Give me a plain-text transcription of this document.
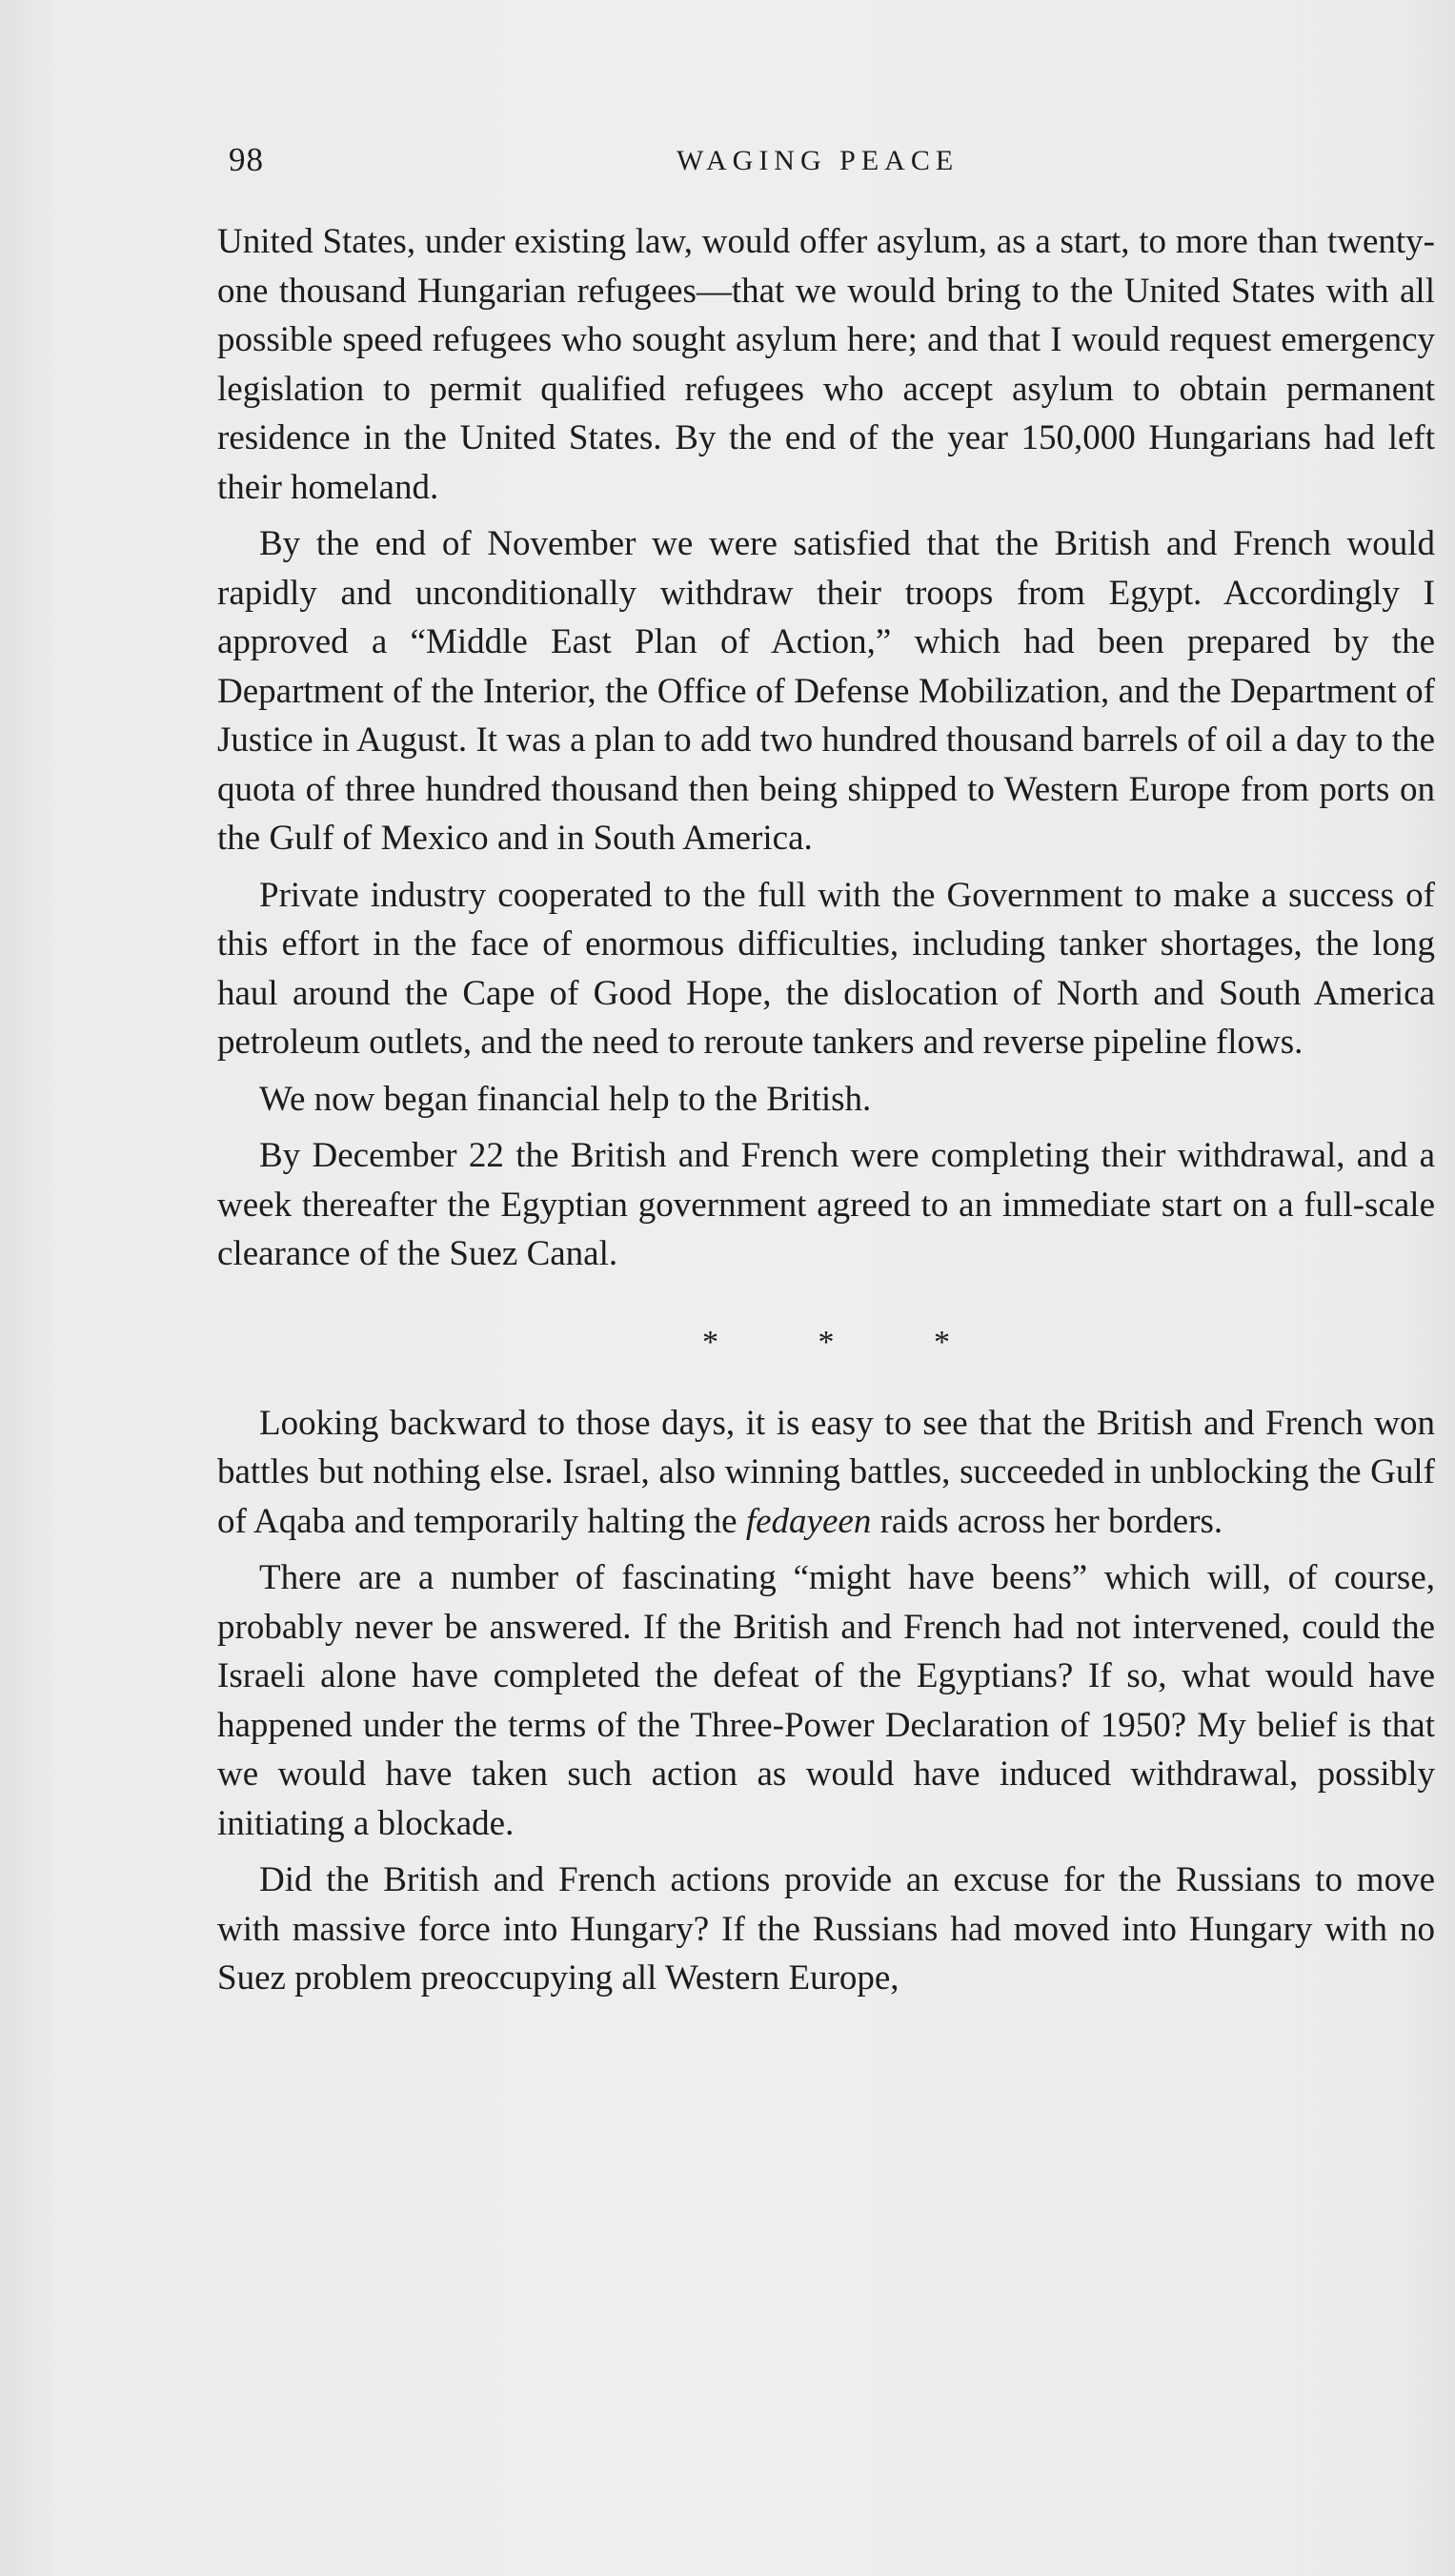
98	WAGING PEACE

United States, under existing law, would offer asylum, as a start, to more than twenty-one thousand Hungarian refugees—that we would bring to the United States with all possible speed refugees who sought asylum here; and that I would request emergency legislation to permit qualified refugees who accept asylum to obtain permanent residence in the United States. By the end of the year 150,000 Hungarians had left their homeland.

By the end of November we were satisfied that the British and French would rapidly and unconditionally withdraw their troops from Egypt. Accordingly I approved a “Middle East Plan of Action,” which had been prepared by the Department of the Interior, the Office of Defense Mobilization, and the Department of Justice in August. It was a plan to add two hundred thousand barrels of oil a day to the quota of three hundred thousand then being shipped to Western Europe from ports on the Gulf of Mexico and in South America.

Private industry cooperated to the full with the Government to make a success of this effort in the face of enormous difficulties, including tanker shortages, the long haul around the Cape of Good Hope, the dislocation of North and South America petroleum outlets, and the need to reroute tankers and reverse pipeline flows.

We now began financial help to the British.

By December 22 the British and French were completing their withdrawal, and a week thereafter the Egyptian government agreed to an immediate start on a full-scale clearance of the Suez Canal.

* * *

Looking backward to those days, it is easy to see that the British and French won battles but nothing else. Israel, also winning battles, succeeded in unblocking the Gulf of Aqaba and temporarily halting the fedayeen raids across her borders.

There are a number of fascinating “might have beens” which will, of course, probably never be answered. If the British and French had not intervened, could the Israeli alone have completed the defeat of the Egyptians? If so, what would have happened under the terms of the Three-Power Declaration of 1950? My belief is that we would have taken such action as would have induced withdrawal, possibly initiating a blockade.

Did the British and French actions provide an excuse for the Russians to move with massive force into Hungary? If the Russians had moved into Hungary with no Suez problem preoccupying all Western Europe,
